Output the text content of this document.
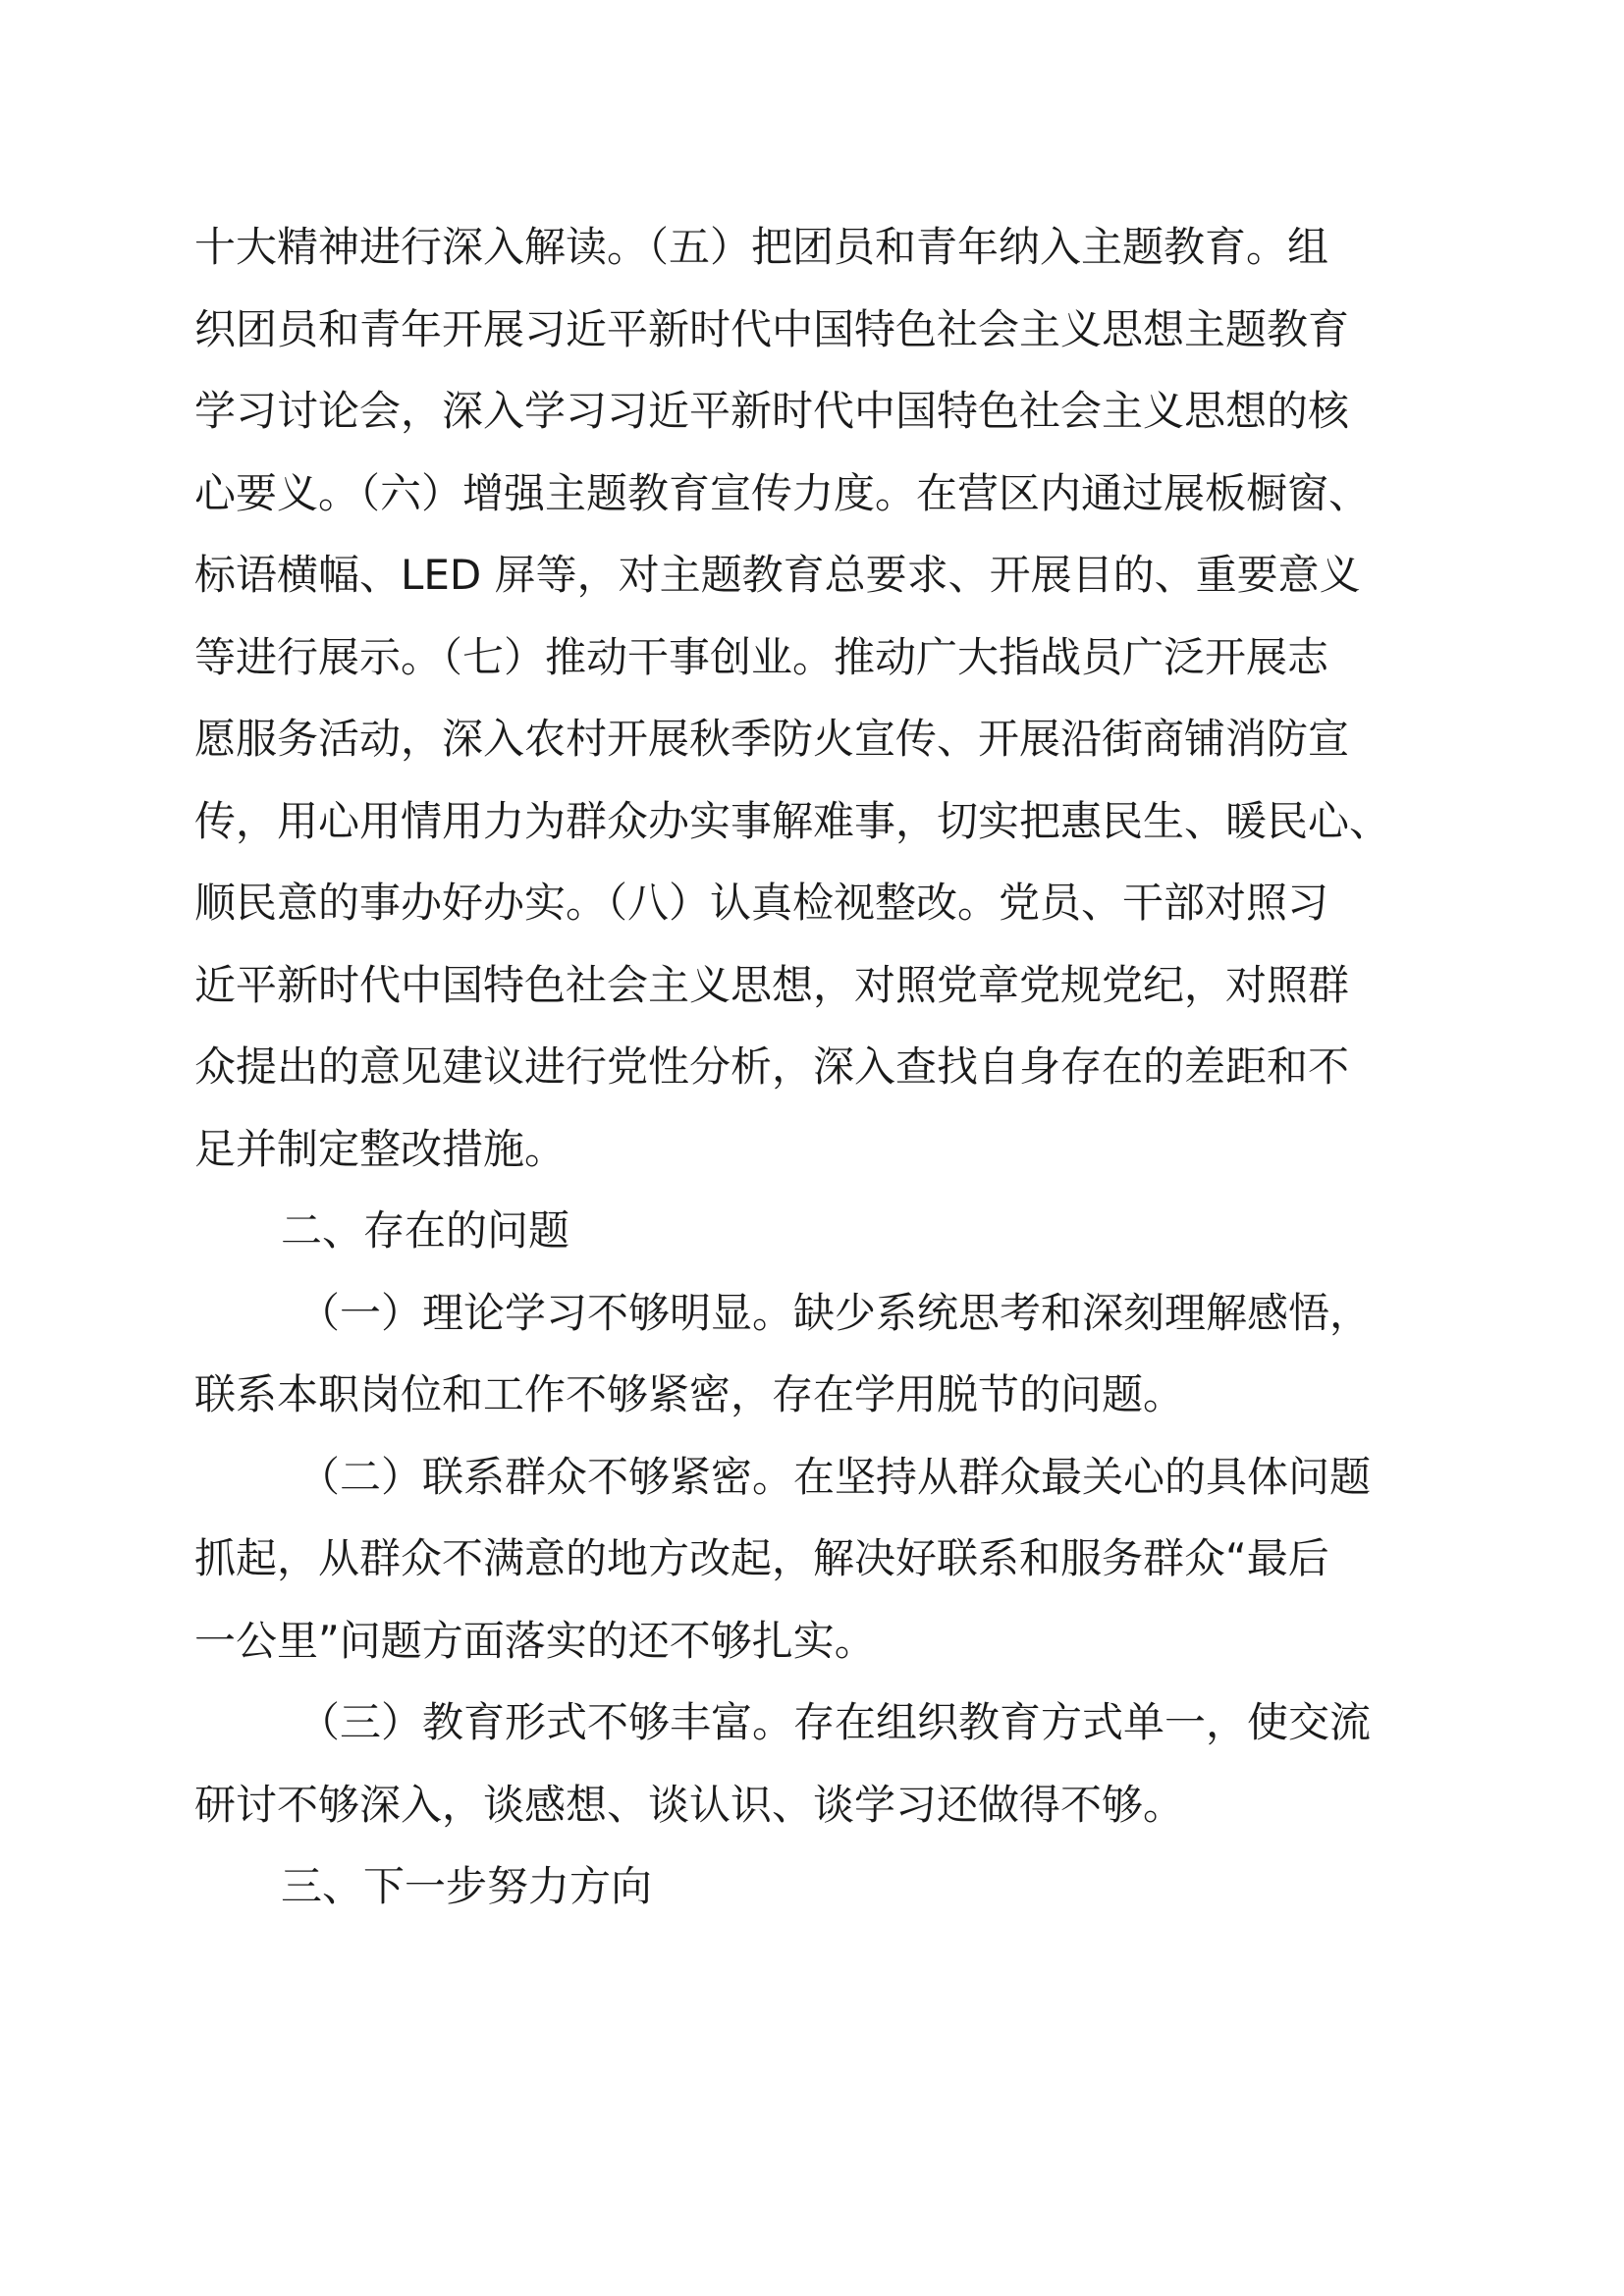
十大精神进行深入解读。（五）把团员和青年纳入主题教育。组
织团员和青年开展习近平新时代中国特色社会主义思想主题教育
学习讨论会，深入学习习近平新时代中国特色社会主义思想的核
心要义。（六）增强主题教育宣传力度。在营区内通过展板橱窗、
标语横幅、LED 屏等，对主题教育总要求、开展目的、重要意义
等进行展示。（七）推动干事创业。推动广大指战员广泛开展志
愿服务活动，深入农村开展秋季防火宣传、开展沿街商铺消防宣
传，用心用情用力为群众办实事解难事，切实把惠民生、暖民心、
顺民意的事办好办实。（八）认真检视整改。党员、干部对照习
近平新时代中国特色社会主义思想，对照党章党规党纪，对照群
众提出的意见建议进行党性分析，深入查找自身存在的差距和不
足并制定整改措施。
二、存在的问题
（一）理论学习不够明显。缺少系统思考和深刻理解感悟，
联系本职岗位和工作不够紧密，存在学用脱节的问题。
（二）联系群众不够紧密。在坚持从群众最关心的具体问题
抓起，从群众不满意的地方改起，解决好联系和服务群众“最后
一公里”问题方面落实的还不够扎实。
（三）教育形式不够丰富。存在组织教育方式单一，使交流
研讨不够深入，谈感想、谈认识、谈学习还做得不够。
三、下一步努力方向
